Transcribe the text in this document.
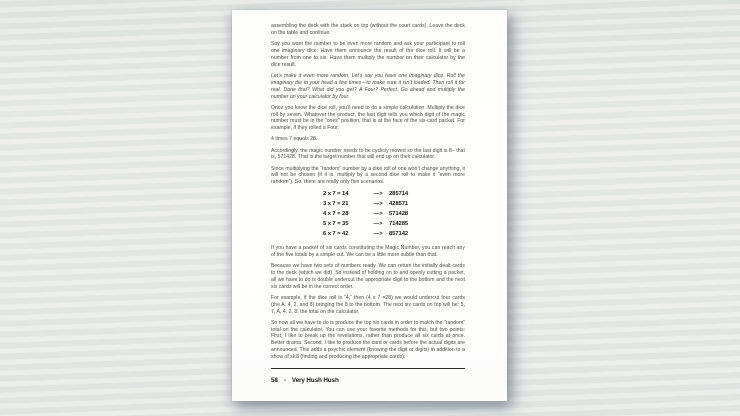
assembling the deck with the stack on top (without the court cards). Leave the deck on the table and continue.

Say you want the number to be even more random and ask your participant to roll one imaginary dice. Have them announce the result of the dice roll. It will be a number from one to six. Have them multiply the number on their calculator by the dice result.

Let’s make it even more random. Let’s say you have one imaginary dice. Roll the imaginary die in your head a few times—to make sure it isn’t loaded. Then roll it for real. Done that? What did you get? A Four? Perfect. Go ahead and multiply the number on your calculator by four.

Once you know the dice roll, you’ll need to do a simple calculation. Multiply the dice roll by seven. Whatever the product, the last digit tells you which digit of the magic number must be in the “ones” position, that is at the face of the six-card packet. For example, if they rolled a Four:

4 times 7 equals 28.

Accordingly, the magic number needs to be cyclicly moved so the last digit is 8– that is, 571428. That is the target number that will end up on their calculator.

Since multiplying the “random” number by a dice roll of one won’t change anything, it will not be chosen (if it is, multiply by a second dice roll to make it “even more random”). So, there are really only five scenarios.

2 x 7 = 14	—>	285714
3 x 7 = 21	—>	428571
4 x 7 = 28	—>	571428
5 x 7 = 35	—>	714285
6 x 7 = 42	—>	857142

If you have a packet of six cards constituting the Magic Number, you can reach any of the five totals by a simple cut. We can be a little more subtle than that.

Because we have two sets of numbers ready. We can return the initially dealt cards to the deck (which we did). So instead of holding on to and openly cutting a packet, all we have to do is double undercut the appropriate digit to the bottom and the next six cards will be in the correct order.

For example, if the dice roll is “4,” then (4 x 7 =28) we would undercut four cards (the A, 4, 2, and 8) bringing the 8 to the bottom. The next six cards on top will be: 5, 7, A, 4, 2, 8, the total on the calculator.

So now all we have to do is produce the top six cards in order to match the “random” total on the calculator. You can use your favorite methods for this, but two points: First, I like to break up the revelations, rather than produce all six cards at once. Better drama. Second, I like to produce the card or cards before the actual digits are announced. This adds a psychic element (knowing the digit or digits) in addition to a show of skill (finding and producing the appropriate cards).

58 - Very Hush Hush
